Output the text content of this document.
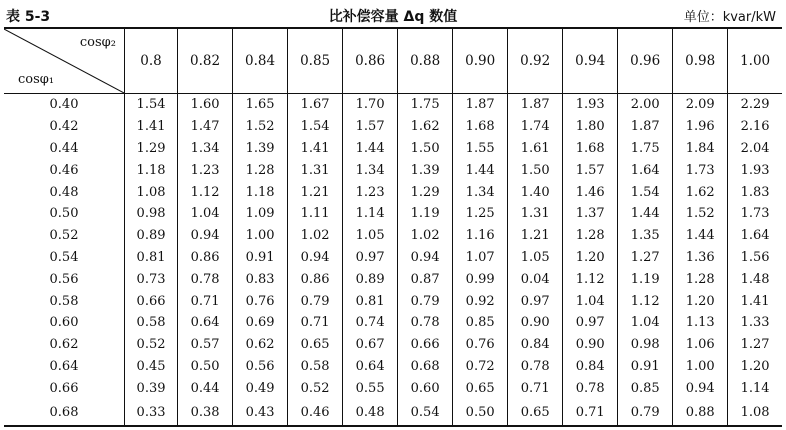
表 5-3	比补偿容量 Δq 数值	单位：kvar/kW
cosφ₂
cosφ₁	0.8	0.82	0.84	0.85	0.86	0.88	0.90	0.92	0.94	0.96	0.98	1.00
0.40	1.54	1.60	1.65	1.67	1.70	1.75	1.87	1.87	1.93	2.00	2.09	2.29
0.42	1.41	1.47	1.52	1.54	1.57	1.62	1.68	1.74	1.80	1.87	1.96	2.16
0.44	1.29	1.34	1.39	1.41	1.44	1.50	1.55	1.61	1.68	1.75	1.84	2.04
0.46	1.18	1.23	1.28	1.31	1.34	1.39	1.44	1.50	1.57	1.64	1.73	1.93
0.48	1.08	1.12	1.18	1.21	1.23	1.29	1.34	1.40	1.46	1.54	1.62	1.83
0.50	0.98	1.04	1.09	1.11	1.14	1.19	1.25	1.31	1.37	1.44	1.52	1.73
0.52	0.89	0.94	1.00	1.02	1.05	1.02	1.16	1.21	1.28	1.35	1.44	1.64
0.54	0.81	0.86	0.91	0.94	0.97	0.94	1.07	1.05	1.20	1.27	1.36	1.56
0.56	0.73	0.78	0.83	0.86	0.89	0.87	0.99	0.04	1.12	1.19	1.28	1.48
0.58	0.66	0.71	0.76	0.79	0.81	0.79	0.92	0.97	1.04	1.12	1.20	1.41
0.60	0.58	0.64	0.69	0.71	0.74	0.78	0.85	0.90	0.97	1.04	1.13	1.33
0.62	0.52	0.57	0.62	0.65	0.67	0.66	0.76	0.84	0.90	0.98	1.06	1.27
0.64	0.45	0.50	0.56	0.58	0.64	0.68	0.72	0.78	0.84	0.91	1.00	1.20
0.66	0.39	0.44	0.49	0.52	0.55	0.60	0.65	0.71	0.78	0.85	0.94	1.14
0.68	0.33	0.38	0.43	0.46	0.48	0.54	0.50	0.65	0.71	0.79	0.88	1.08
